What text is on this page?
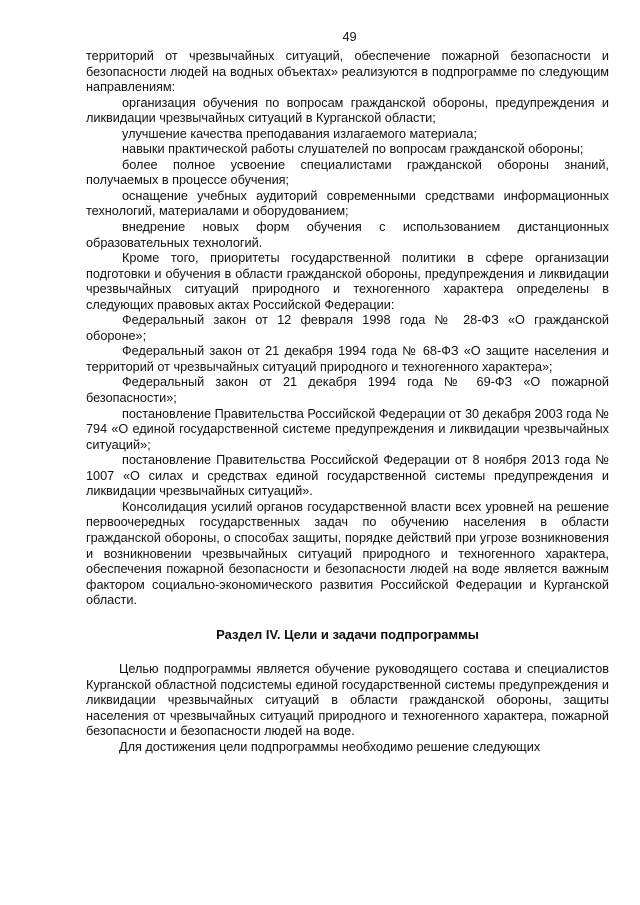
49

территорий от чрезвычайных ситуаций, обеспечение пожарной безопасности и безопасности людей на водных объектах» реализуются в подпрограмме по следующим направлениям:

организация обучения по вопросам гражданской обороны, предупреждения и ликвидации чрезвычайных ситуаций в Курганской области;

улучшение качества преподавания излагаемого материала;

навыки практической работы слушателей по вопросам гражданской обороны;

более полное усвоение специалистами гражданской обороны знаний, получаемых в процессе обучения;

оснащение учебных аудиторий современными средствами информационных технологий, материалами и оборудованием;

внедрение новых форм обучения с использованием дистанционных образовательных технологий.

Кроме того, приоритеты государственной политики в сфере организации подготовки и обучения в области гражданской обороны, предупреждения и ликвидации чрезвычайных ситуаций природного и техногенного характера определены в следующих правовых актах Российской Федерации:

Федеральный закон от 12 февраля 1998 года № 28-ФЗ «О гражданской обороне»;

Федеральный закон от 21 декабря 1994 года № 68-ФЗ «О защите населения и территорий от чрезвычайных ситуаций природного и техногенного характера»;

Федеральный закон от 21 декабря 1994 года № 69-ФЗ «О пожарной безопасности»;

постановление Правительства Российской Федерации от 30 декабря 2003 года № 794 «О единой государственной системе предупреждения и ликвидации чрезвычайных ситуаций»;

постановление Правительства Российской Федерации от 8 ноября 2013 года № 1007 «О силах и средствах единой государственной системы предупреждения и ликвидации чрезвычайных ситуаций».

Консолидация усилий органов государственной власти всех уровней на решение первоочередных государственных задач по обучению населения в области гражданской обороны, о способах защиты, порядке действий при угрозе возникновения и возникновении чрезвычайных ситуаций природного и техногенного характера, обеспечения пожарной безопасности и безопасности людей на воде является важным фактором социально-экономического развития Российской Федерации и Курганской области.

Раздел IV. Цели и задачи подпрограммы

Целью подпрограммы является обучение руководящего состава и специалистов Курганской областной подсистемы единой государственной системы предупреждения и ликвидации чрезвычайных ситуаций в области гражданской обороны, защиты населения от чрезвычайных ситуаций природного и техногенного характера, пожарной безопасности и безопасности людей на воде.

Для достижения цели подпрограммы необходимо решение следующих
